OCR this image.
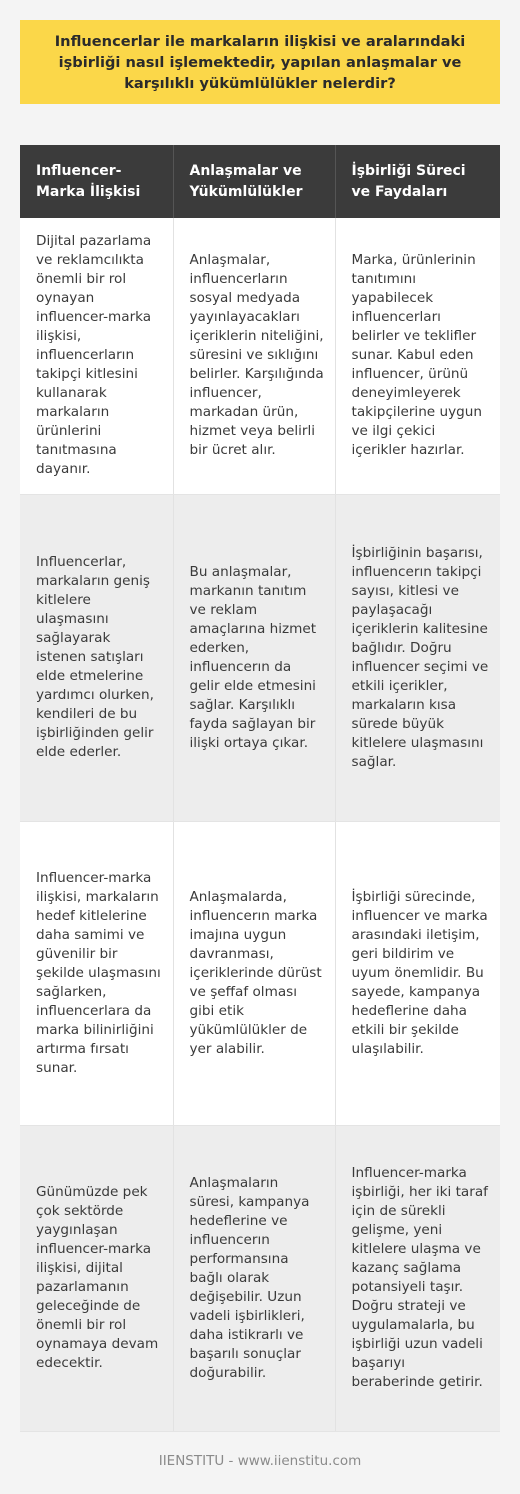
Influencerlar ile markaların ilişkisi ve aralarındaki işbirliği nasıl işlemektedir, yapılan anlaşmalar ve karşılıklı yükümlülükler nelerdir?
Influencer-Marka İlişkisi	Anlaşmalar ve Yükümlülükler	İşbirliği Süreci ve Faydaları
Dijital pazarlama ve reklamcılıkta önemli bir rol oynayan influencer-marka ilişkisi, influencerların takipçi kitlesini kullanarak markaların ürünlerini tanıtmasına dayanır.	Anlaşmalar, influencerların sosyal medyada yayınlayacakları içeriklerin niteliğini, süresini ve sıklığını belirler. Karşılığında influencer, markadan ürün, hizmet veya belirli bir ücret alır.	Marka, ürünlerinin tanıtımını yapabilecek influencerları belirler ve teklifler sunar. Kabul eden influencer, ürünü deneyimleyerek takipçilerine uygun ve ilgi çekici içerikler hazırlar.
Influencerlar, markaların geniş kitlelere ulaşmasını sağlayarak istenen satışları elde etmelerine yardımcı olurken, kendileri de bu işbirliğinden gelir elde ederler.	Bu anlaşmalar, markanın tanıtım ve reklam amaçlarına hizmet ederken, influencerın da gelir elde etmesini sağlar. Karşılıklı fayda sağlayan bir ilişki ortaya çıkar.	İşbirliğinin başarısı, influencerın takipçi sayısı, kitlesi ve paylaşacağı içeriklerin kalitesine bağlıdır. Doğru influencer seçimi ve etkili içerikler, markaların kısa sürede büyük kitlelere ulaşmasını sağlar.
Influencer-marka ilişkisi, markaların hedef kitlelerine daha samimi ve güvenilir bir şekilde ulaşmasını sağlarken, influencerlara da marka bilinirliğini artırma fırsatı sunar.	Anlaşmalarda, influencerın marka imajına uygun davranması, içeriklerinde dürüst ve şeffaf olması gibi etik yükümlülükler de yer alabilir.	İşbirliği sürecinde, influencer ve marka arasındaki iletişim, geri bildirim ve uyum önemlidir. Bu sayede, kampanya hedeflerine daha etkili bir şekilde ulaşılabilir.
Günümüzde pek çok sektörde yaygınlaşan influencer-marka ilişkisi, dijital pazarlamanın geleceğinde de önemli bir rol oynamaya devam edecektir.	Anlaşmaların süresi, kampanya hedeflerine ve influencerın performansına bağlı olarak değişebilir. Uzun vadeli işbirlikleri, daha istikrarlı ve başarılı sonuçlar doğurabilir.	Influencer-marka işbirliği, her iki taraf için de sürekli gelişme, yeni kitlelere ulaşma ve kazanç sağlama potansiyeli taşır. Doğru strateji ve uygulamalarla, bu işbirliği uzun vadeli başarıyı beraberinde getirir.
IIENSTITU - www.iienstitu.com
